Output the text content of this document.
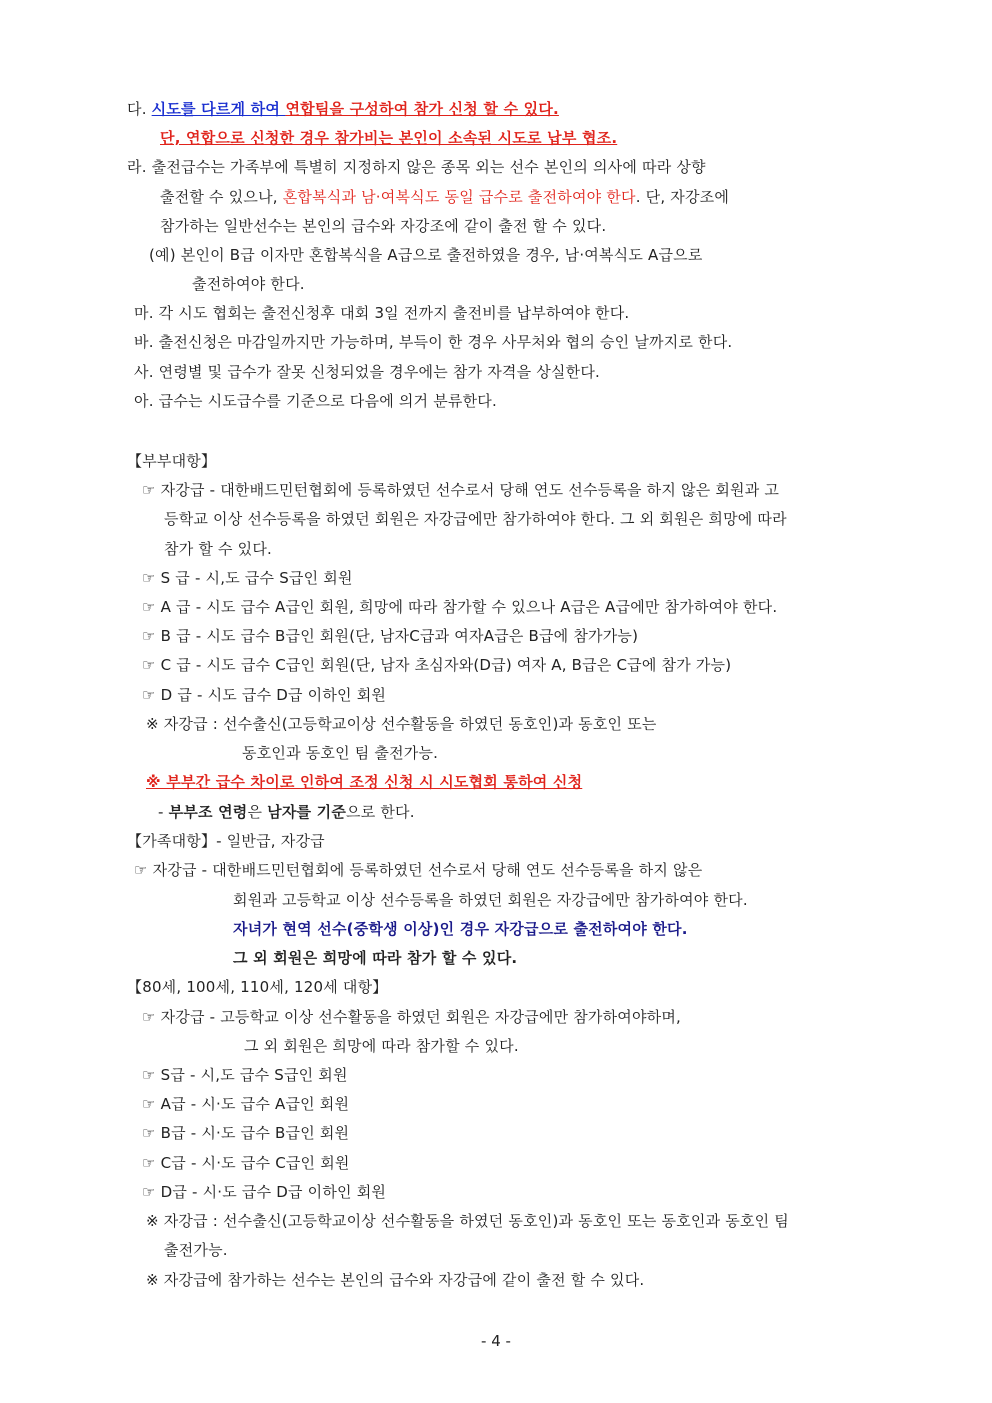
다. 시도를 다르게 하여 연합팀을 구성하여 참가 신청 할 수 있다.
단, 연합으로 신청한 경우 참가비는 본인이 소속된 시도로 납부 협조.
라. 출전급수는 가족부에 특별히 지정하지 않은 종목 외는 선수 본인의 의사에 따라 상향
출전할 수 있으나, 혼합복식과 남·여복식도 동일 급수로 출전하여야 한다. 단, 자강조에
참가하는 일반선수는 본인의 급수와 자강조에 같이 출전 할 수 있다.
(예) 본인이 B급 이자만 혼합복식을 A급으로 출전하였을 경우, 남·여복식도 A급으로
출전하여야 한다.
마. 각 시도 협회는 출전신청후 대회 3일 전까지 출전비를 납부하여야 한다.
바. 출전신청은 마감일까지만 가능하며, 부득이 한 경우 사무처와 협의 승인 날까지로 한다.
사. 연령별 및 급수가 잘못 신청되었을 경우에는 참가 자격을 상실한다.
아. 급수는 시도급수를 기준으로 다음에 의거 분류한다.
【부부대항】
☞ 자강급 - 대한배드민턴협회에 등록하였던 선수로서 당해 연도 선수등록을 하지 않은 회원과 고
등학교 이상 선수등록을 하였던 회원은 자강급에만 참가하여야 한다. 그 외 회원은 희망에 따라
참가 할 수 있다.
☞ S 급 - 시,도 급수 S급인 회원
☞ A 급 - 시도 급수 A급인 회원, 희망에 따라 참가할 수 있으나 A급은 A급에만 참가하여야 한다.
☞ B 급 - 시도 급수 B급인 회원(단, 남자C급과 여자A급은 B급에 참가가능)
☞ C 급 - 시도 급수 C급인 회원(단, 남자 초심자와(D급) 여자 A, B급은 C급에 참가 가능)
☞ D 급 - 시도 급수 D급 이하인 회원
※ 자강급 : 선수출신(고등학교이상 선수활동을 하였던 동호인)과 동호인 또는
동호인과 동호인 팀 출전가능.
※ 부부간 급수 차이로 인하여 조정 신청 시 시도협회 통하여 신청
- 부부조 연령은 남자를 기준으로 한다.
【가족대항】- 일반급, 자강급
☞ 자강급 - 대한배드민턴협회에 등록하였던 선수로서 당해 연도 선수등록을 하지 않은
회원과 고등학교 이상 선수등록을 하였던 회원은 자강급에만 참가하여야 한다.
자녀가 현역 선수(중학생 이상)인 경우 자강급으로 출전하여야 한다.
그 외 회원은 희망에 따라 참가 할 수 있다.
【80세, 100세, 110세, 120세 대항】
☞ 자강급 - 고등학교 이상 선수활동을 하였던 회원은 자강급에만 참가하여야하며,
그 외 회원은 희망에 따라 참가할 수 있다.
☞ S급 - 시,도 급수 S급인 회원
☞ A급 - 시·도 급수 A급인 회원
☞ B급 - 시·도 급수 B급인 회원
☞ C급 - 시·도 급수 C급인 회원
☞ D급 - 시·도 급수 D급 이하인 회원
※ 자강급 : 선수출신(고등학교이상 선수활동을 하였던 동호인)과 동호인 또는 동호인과 동호인 팀
출전가능.
※ 자강급에 참가하는 선수는 본인의 급수와 자강급에 같이 출전 할 수 있다.
- 4 -
